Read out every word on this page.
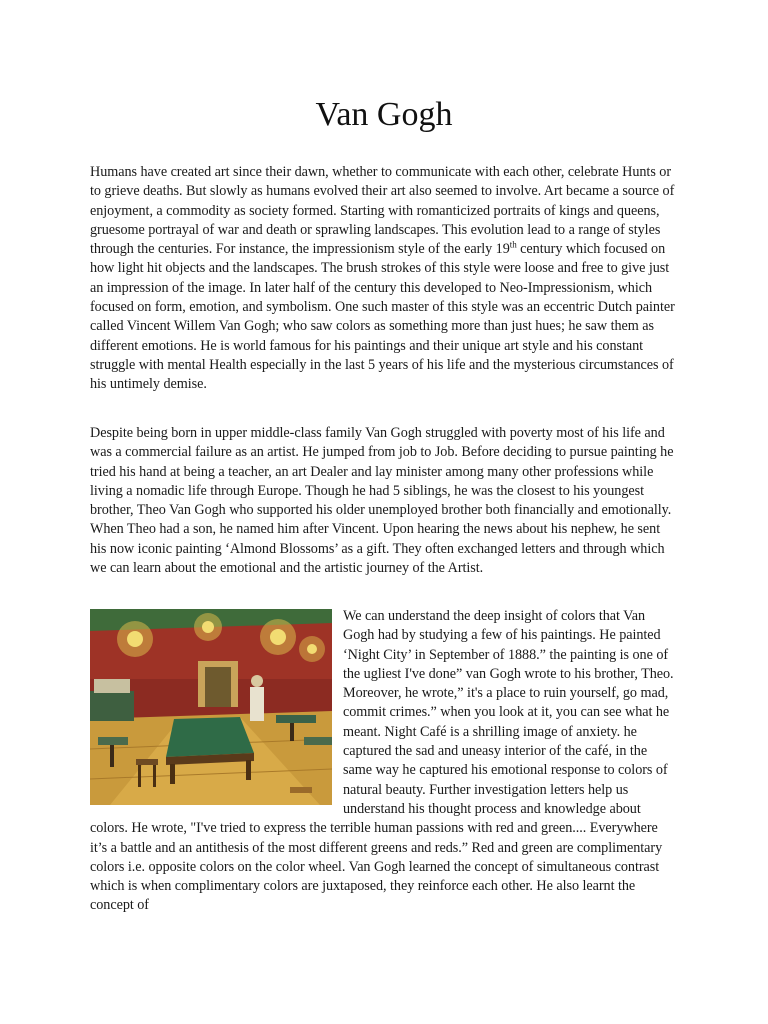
Van Gogh

Humans have created art since their dawn, whether to communicate with each other, celebrate Hunts or to grieve deaths. But slowly as humans evolved their art also seemed to involve. Art became a source of enjoyment, a commodity as society formed. Starting with romanticized portraits of kings and queens, gruesome portrayal of war and death or sprawling landscapes. This evolution lead to a range of styles through the centuries. For instance, the impressionism style of the early 19th century which focused on how light hit objects and the landscapes. The brush strokes of this style were loose and free to give just an impression of the image. In later half of the century this developed to Neo-Impressionism, which focused on form, emotion, and symbolism. One such master of this style was an eccentric Dutch painter called Vincent Willem Van Gogh; who saw colors as something more than just hues; he saw them as different emotions. He is world famous for his paintings and their unique art style and his constant struggle with mental Health especially in the last 5 years of his life and the mysterious circumstances of his untimely demise.

Despite being born in upper middle-class family Van Gogh struggled with poverty most of his life and was a commercial failure as an artist. He jumped from job to Job. Before deciding to pursue painting he tried his hand at being a teacher, an art Dealer and lay minister among many other professions while living a nomadic life through Europe. Though he had 5 siblings, he was the closest to his youngest brother, Theo Van Gogh who supported his older unemployed brother both financially and emotionally. When Theo had a son, he named him after Vincent. Upon hearing the news about his nephew, he sent his now iconic painting ‘Almond Blossoms’ as a gift. They often exchanged letters and through which we can learn about the emotional and the artistic journey of the Artist.

We can understand the deep insight of colors that Van Gogh had by studying a few of his paintings. He painted ‘Night City’ in September of 1888.” the painting is one of the ugliest I've done” van Gogh wrote to his brother, Theo. Moreover, he wrote,” it's a place to ruin yourself, go mad, commit crimes.” when you look at it, you can see what he meant. Night Café is a shrilling image of anxiety. he captured the sad and uneasy interior of the café, in the same way he captured his emotional response to colors of natural beauty. Further investigation letters help us understand his thought process and knowledge about colors. He wrote, "I've tried to express the terrible human passions with red and green.... Everywhere it’s a battle and an antithesis of the most different greens and reds.” Red and green are complimentary colors i.e. opposite colors on the color wheel. Van Gogh learned the concept of simultaneous contrast which is when complimentary colors are juxtaposed, they reinforce each other. He also learnt the concept of
